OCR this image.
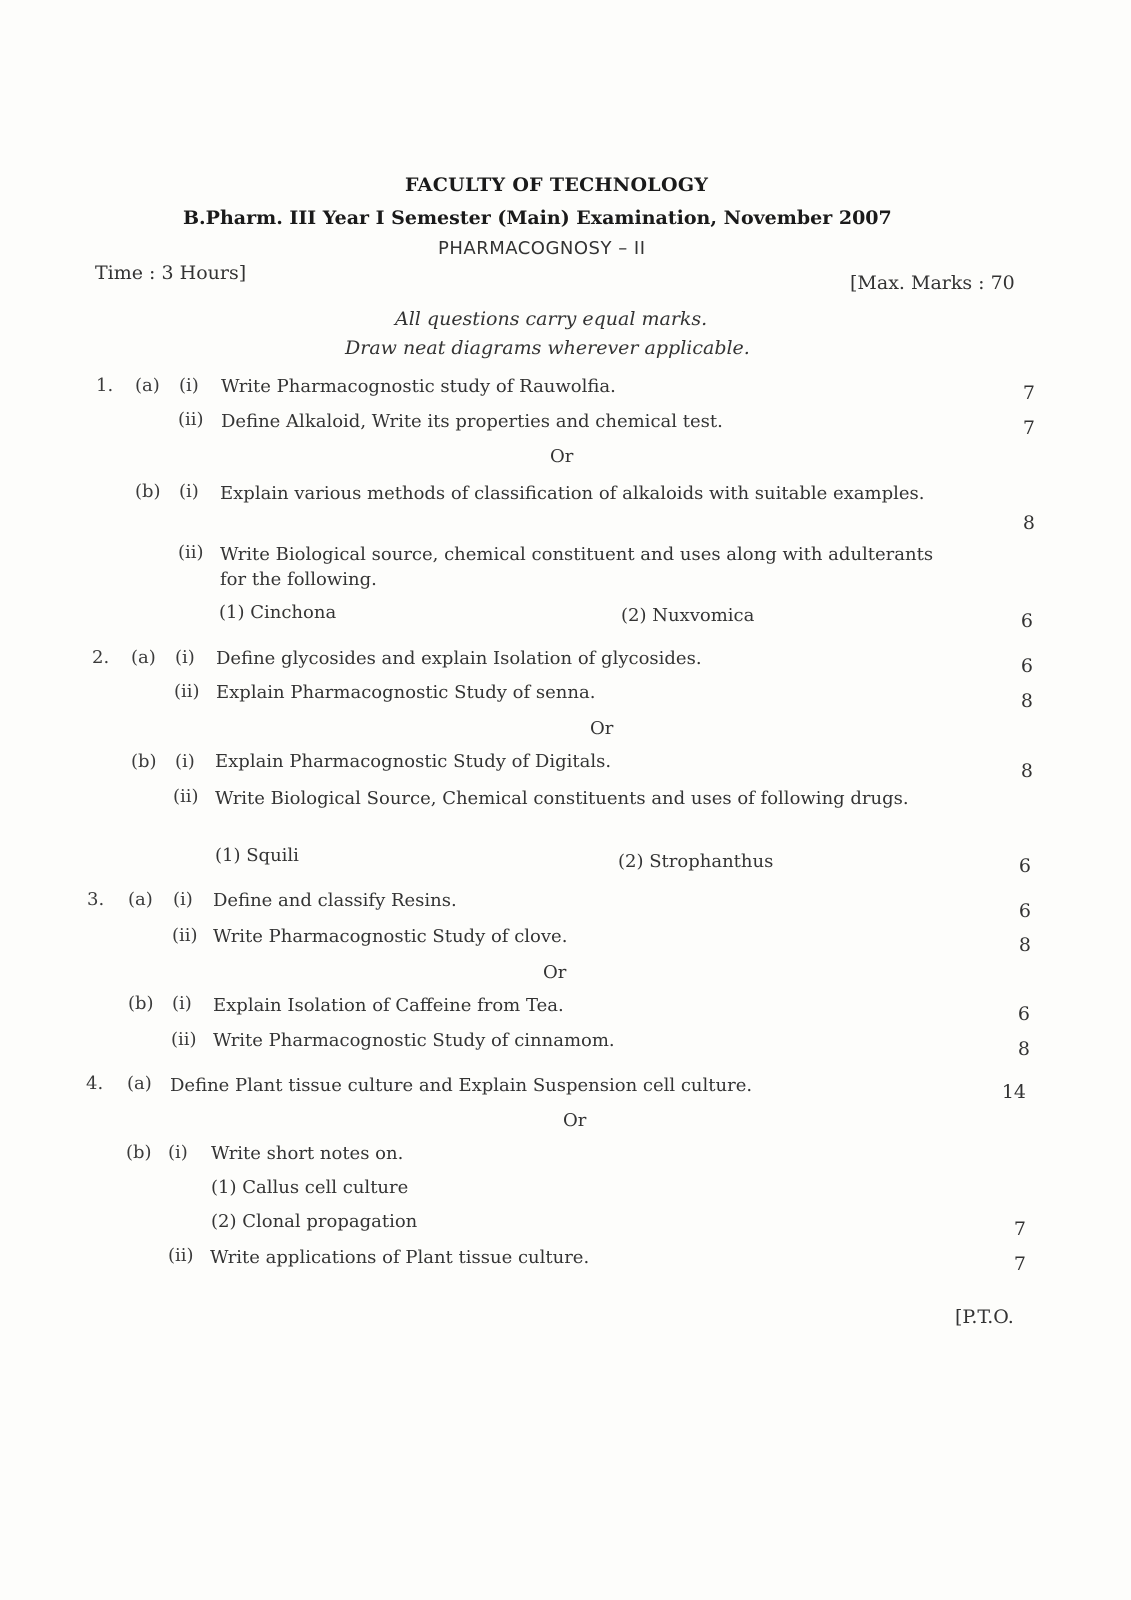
FACULTY OF TECHNOLOGY
B.Pharm. III Year I Semester (Main) Examination, November 2007
PHARMACOGNOSY – II
Time : 3 Hours]	[Max. Marks : 70
All questions carry equal marks.
Draw neat diagrams wherever applicable.
1. (a) (i) Write Pharmacognostic study of Rauwolfia.	7
(ii) Define Alkaloid, Write its properties and chemical test.	7
Or
(b) (i) Explain various methods of classification of alkaloids with suitable examples.
8
(ii) Write Biological source, chemical constituent and uses along with adulterants for the following.
(1) Cinchona	(2) Nuxvomica	6
2. (a) (i) Define glycosides and explain Isolation of glycosides.	6
(ii) Explain Pharmacognostic Study of senna.	8
Or
(b) (i) Explain Pharmacognostic Study of Digitals.	8
(ii) Write Biological Source, Chemical constituents and uses of following drugs.
(1) Squili	(2) Strophanthus	6
3. (a) (i) Define and classify Resins.	6
(ii) Write Pharmacognostic Study of clove.	8
Or
(b) (i) Explain Isolation of Caffeine from Tea.	6
(ii) Write Pharmacognostic Study of cinnamom.	8
4. (a) Define Plant tissue culture and Explain Suspension cell culture.	14
Or
(b) (i) Write short notes on.
(1) Callus cell culture
(2) Clonal propagation	7
(ii) Write applications of Plant tissue culture.	7
[P.T.O.
